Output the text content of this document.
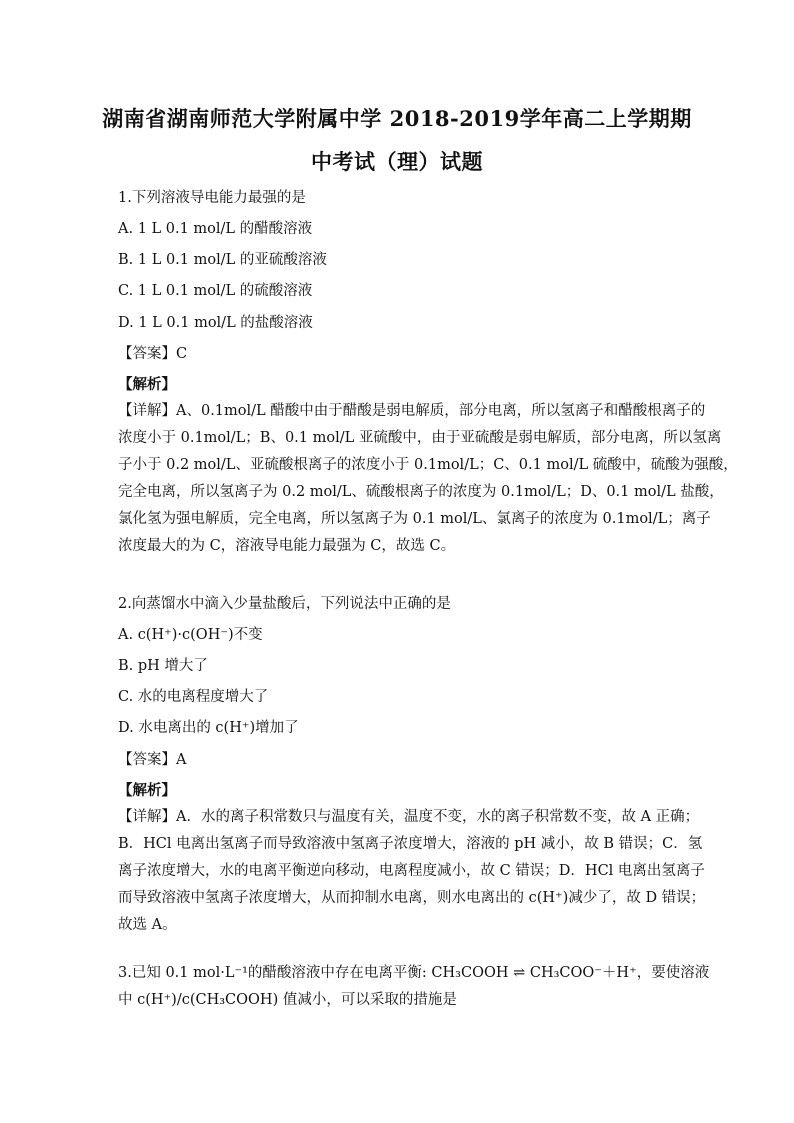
湖南省湖南师范大学附属中学 2018-2019学年高二上学期期
中考试（理）试题
1.下列溶液导电能力最强的是
A. 1 L 0.1 mol/L 的醋酸溶液
B. 1 L 0.1 mol/L 的亚硫酸溶液
C. 1 L 0.1 mol/L 的硫酸溶液
D. 1 L 0.1 mol/L 的盐酸溶液
【答案】C
【解析】
【详解】A、0.1mol/L 醋酸中由于醋酸是弱电解质，部分电离，所以氢离子和醋酸根离子的
浓度小于 0.1mol/L；B、0.1 mol/L 亚硫酸中，由于亚硫酸是弱电解质，部分电离，所以氢离
子小于 0.2 mol/L、亚硫酸根离子的浓度小于 0.1mol/L；C、0.1 mol/L 硫酸中，硫酸为强酸，
完全电离，所以氢离子为 0.2 mol/L、硫酸根离子的浓度为 0.1mol/L；D、0.1 mol/L 盐酸，
氯化氢为强电解质，完全电离，所以氢离子为 0.1 mol/L、氯离子的浓度为 0.1mol/L；离子
浓度最大的为 C，溶液导电能力最强为 C，故选 C。
2.向蒸馏水中滴入少量盐酸后，下列说法中正确的是
A. c(H⁺)·c(OH⁻)不变
B. pH 增大了
C. 水的电离程度增大了
D. 水电离出的 c(H⁺)增加了
【答案】A
【解析】
【详解】A．水的离子积常数只与温度有关，温度不变，水的离子积常数不变，故 A 正确；
B．HCl 电离出氢离子而导致溶液中氢离子浓度增大，溶液的 pH 减小，故 B 错误；C．氢
离子浓度增大，水的电离平衡逆向移动，电离程度减小，故 C 错误；D．HCl 电离出氢离子
而导致溶液中氢离子浓度增大，从而抑制水电离，则水电离出的 c(H⁺)减少了，故 D 错误；
故选 A。
3.已知 0.1 mol·L⁻¹的醋酸溶液中存在电离平衡: CH₃COOH ⇌ CH₃COO⁻＋H⁺，要使溶液
中 c(H⁺)/c(CH₃COOH) 值减小，可以采取的措施是
